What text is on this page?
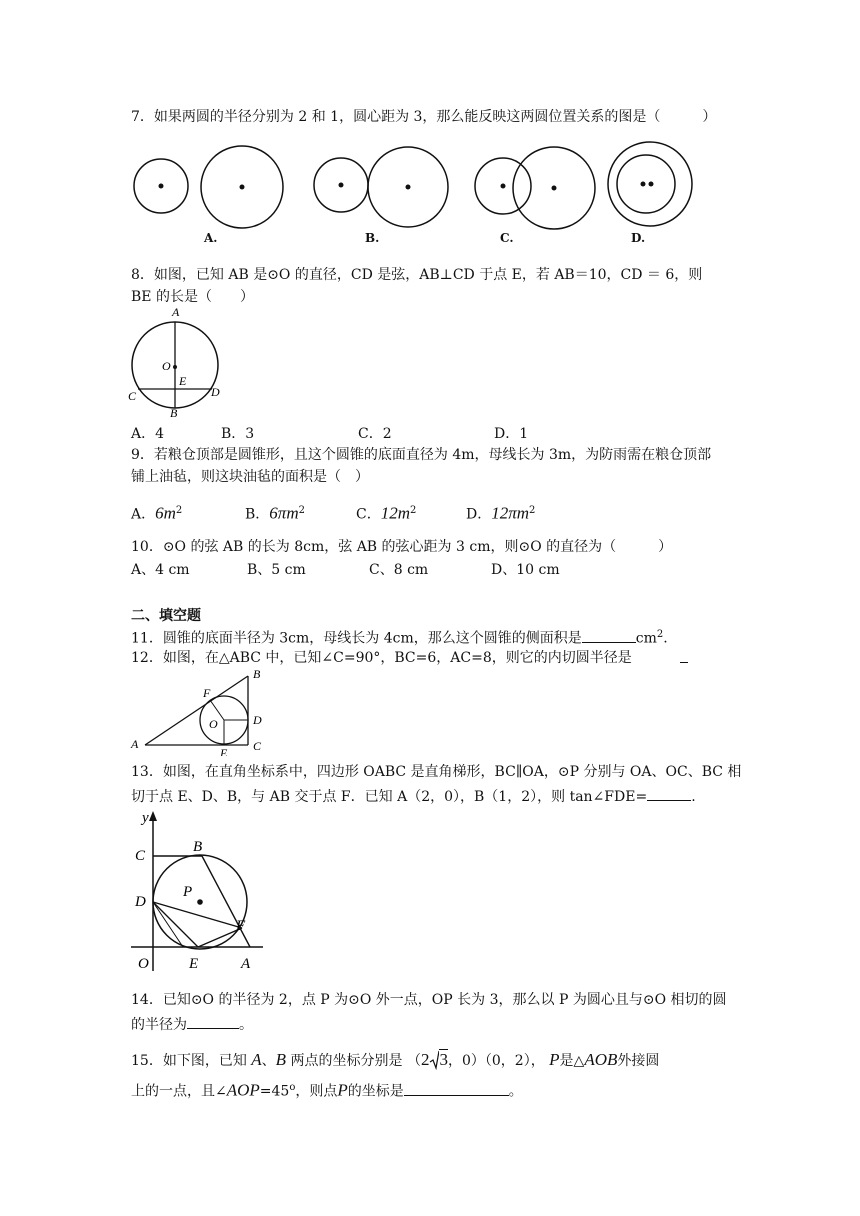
7．如果两圆的半径分别为 2 和 1，圆心距为 3，那么能反映这两圆位置关系的图是（　　　）
A.	B.	C.	D.
8．如图，已知 AB 是⊙O 的直径，CD 是弦，AB⊥CD 于点 E，若 AB＝10，CD ＝ 6，则
BE 的长是（　　）
A
O
E
C	D
B
A．4	B．3	C．2	D．1
9．若粮仓顶部是圆锥形，且这个圆锥的底面直径为 4m，母线长为 3m，为防雨需在粮仓顶部
铺上油毡，则这块油毡的面积是（　）
A．$6m^2$	B．$6\pi m^2$	C．$12m^2$	D．$12\pi m^2$
10．⊙O 的弦 AB 的长为 8cm，弦 AB 的弦心距为 3 cm，则⊙O 的直径为（　　　）
A、4 cm	B、5 cm	C、8 cm	D、10 cm
二、填空题
11．圆锥的底面半径为 3cm，母线长为 4cm，那么这个圆锥的侧面积是	$cm^2$.
12．如图，在△ABC 中，已知∠C=90°，BC=6，AC=8，则它的内切圆半径是
A
B
C
D
E
F
O
13．如图，在直角坐标系中，四边形 OABC 是直角梯形，BC∥OA，⊙P 分别与 OA、OC、BC 相
切于点 E、D、B，与 AB 交于点 F．已知 A（2，0），B（1，2），则 tan∠FDE=	.
y
C
B
P
D
F
O	E	A
14．已知⊙O 的半径为 2，点 P 为⊙O 外一点，OP 长为 3，那么以 P 为圆心且与⊙O 相切的圆
的半径为	。
15．如下图，已知 A、B 两点的坐标分别是 （2 3，0）（0，2）， P是△AOB外接圆
上的一点，且$\angle AOP=45^o$，则点P的坐标是	。
